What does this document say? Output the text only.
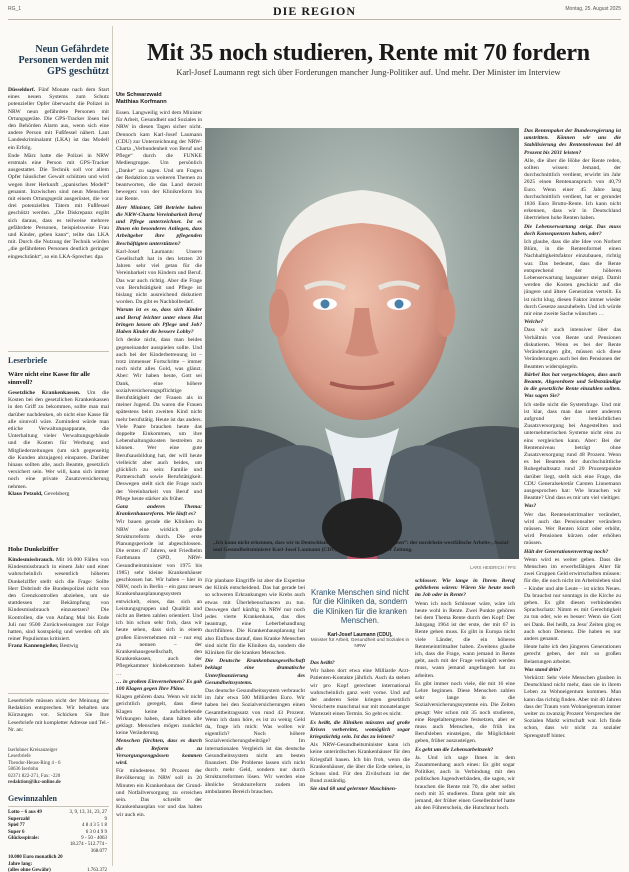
RG_1	DIE REGION	Montag, 25. August 2025
Neun Gefährdete Personen werden mit GPS geschützt

Düsseldorf. Fünf Monate nach dem Start eines neuen Systems zum Schutz potenzieller Opfer überwacht die Polizei in NRW neun gefährdete Personen mit Ortungsgeräte. Die GPS-Tracker lösen bei den Behörden Alarm aus, wenn sich eine andere Person mit Fußfessel nähert. Laut Landeskriminalamt (LKA) ist das Modell ein Erfolg.

Ende März hatte die Polizei in NRW erstmals eine Person mit GPS-Tracker ausgestattet. Die Technik soll vor allem Opfer häuslicher Gewalt schützen und wird wegen ihrer Herkunft „spanisches Modell“ genannt. Inzwischen sind neun Menschen mit einem Ortungsgerät ausgerüstet, die vor drei potenziellen Tätern mit Fußfessel geschützt werden. „Die Diskrepanz ergibt sich daraus, dass es teilweise mehrere gefährdete Personen, beispielsweise Frau und Kinder, geben kann“, teilte das LKA mit. Durch die Nutzung der Technik würden „die gefährdeten Personen deutlich geringer eingeschränkt“, so ein LKA-Sprecher. dpa

Leserbriefe
Wäre nicht eine Kasse für alle sinnvoll?
Gesetzliche Krankenkassen. Um die Kosten bei den gesetzlichen Krankenkassen in den Griff zu bekommen, sollte man mal darüber nachdenken, ob nicht eine Kasse für alle sinnvoll wäre. Zumindest würde man etliche Verwaltungsapparate, die Unterhaltung vieler Verwaltungsgebäude und die Kosten für Werbung und Mitgliederzeitungen (um sich gegenseitig die Kunden abzujagen) einsparen. Darüber hinaus sollten alle, auch Beamte, gesetzlich versichert sein. Wer will, kann sich immer noch eine private Zusatzversicherung nehmen.
Klaus Petzold, Gevelsberg
Hohe Dunkelziffer
Kindesmissbrauch. Mit 16.000 Fällen von Kindesmissbrauch in einem Jahr und einer wahrscheinlich wesentlich höheren Dunkelziffer stellt sich die Frage: Sollte Herr Dobrindt die Bundespolizei nicht von den Grenzkontrollen abziehen, um sie stattdessen zur Bekämpfung von Kindesmissbrauch einzusetzen? Die Kontrollen, die von Anfang Mai bis Ende Juli nur 9500 Zurückweisungen zur Folge hatten, sind kostspielig und werden oft als reiner Populismus kritisiert.
Franz Kanneng​ießer, Bestwig
Leserbriefe müssen nicht der Meinung der Redaktion entsprechen. Wir behalten uns Kürzungen vor. Schicken Sie Ihre Leserbriefe mit kompletter Adresse und Tel.-Nr. an:
Iserlohner Kreisanzeiger
Leserbriefe
Theodor-Heuss-Ring 4 - 6
58636 Iserlohn
02371 822-271, Fax: -220
redaktion@ikz-online.de
Gewinnzahlen
Lotto – 6 aus 49	3, 9, 13, 31, 23, 27
Superzahl	9
Spiel 77	4 8 4 3 5 1 8
Super 6	6 3 0 4 9 9
Glücksspirale:	9 - 50 - 4063
	18.274 - 512.774 - 368.077
10.000 Euro monatlich 20 Jahre lang:	
(alles ohne Gewähr)	1.763.372
Mit 35 noch studieren, Rente mit 70 fordern
Karl-Josef Laumann regt sich über Forderungen mancher Jung-Politiker auf. Und mehr. Der Minister im Interview
Ute Schwarzwald
Matthias Korfmann

Essen. Langweilig wird dem Minister für Arbeit, Gesundheit und Soziales in NRW in diesen Tagen sicher nicht. Dennoch kam Karl-Josef Laumann (CDU) zur Unterzeichnung der NRW-Charta „Verbundenheit von Beruf und Pflege“ durch die FUNKE Mediengruppe. Um persönlich „Danke“ zu sagen. Und um Fragen der Redaktion zu weiteren Themen zu beantworten, die das Land derzeit bewegen: von der Klinikreform bis zur Rente.

Herr Minister, 580 Betriebe haben die NRW-Charta Vereinbarkeit Beruf und Pflege unterzeichnet. Ist es Ihnen ein besonderes Anliegen, dass Arbeitgeber ihre pflegenden Beschäftigten unterstützen?

Karl-Josef Laumann: Unsere Gesellschaft hat in den letzten 20 Jahren sehr viel getan für die Vereinbarkeit von Kindern und Beruf. Das war auch richtig. Aber die Frage von Berufstätigkeit und Pflege ist bislang nicht ausreichend diskutiert worden. Da gibt es Nachholbedarf.

Warum ist es so, dass sich Kinder und Beruf leichter unter einen Hut bringen lassen als Pflege und Job? Haben Kinder die bessere Lobby?

Ich denke nicht, dass man beides gegeneinander ausspielen sollte. Und auch bei der Kinderbetreuung ist – trotz immenser Fortschritte – immer noch nicht alles Gold, was glänzt. Aber: Wir haben heute, Gott sei Dank, eine höhere sozialversicherungspflichtige Berufstätigkeit der Frauen als in meiner Jugend. Da waren die Frauen spätestens beim zweiten Kind nicht mehr berufstätig. Heute ist das anders. Viele Paare brauchen heute das doppelte Einkommen, um ihre Lebenshaltungskosten bestreiten zu können. Wer eine gute Berufsausbildung hat, der will heute vielleicht aber auch beides, um glücklich zu sein: Familie und Partnerschaft sowie Berufstätigkeit. Deswegen stellt sich die Frage nach der Vereinbarkeit von Beruf und Pflege heute stärker als früher.

Ganz anderes Thema: Krankenhausreform. Wie läuft es?

Wir bauen gerade die Kliniken in NRW eine wirklich große Strukturreform durch. Die erste Planungsperiode ist abgeschlossen. Die ersten 47 Jahren, seit Friedhelm Farthmann (SPD, NRW-Gesundheitsminister von 1975 bis 1985) sehr kleine Krankenhäuser geschlossen hat. Wir haben – hier in NRW, noch in Berlin – ein ganz neues Krankenhausplanungssystem entwickelt, eines, das sich an Leistungsgruppen und Qualität und nicht an Betten zahlen orientiert. Und ich bin schon sehr froh, dass wir heute sehen, dass sich in einem großen Einvernehmen mit – nur eng zu nennen – der Krankenhausgesellschaft, den Krankenkassen, auch der Pflegekammer hinbekommen haben …

… in großem Einvernehmen? Es gab 100 Klagen gegen Ihre Pläne.

Klagen gehören dazu. Wenn wir nicht gerichtlich geregelt, dass diese Klagen keine aufschiebende Wirkungen haben, dann hätten alle geklagt. Menschen mögen zunächst keine Veränderung.

Menschen fürchten, dass es durch die Reform zu Versorgungsengpässen kommen wird.

Für mindestens 90 Prozent der Bevölkerung in NRW soll in 20 Minuten ein Krankenhaus der Grund- und Notfallversorgung zu erreichen sein. Das schreibt der Krankenhausplan vor und das halten wir auch ein.

„Ich kann nicht erkennen, dass wir in Deutschland übertrieben hohe Renten haben“: der nordrhein-westfälische Arbeits-, Sozial- und Gesundheitsminister Karl-Josef Laumann (CDU) im Interview mit dieser Zeitung.
LARS HEIDRICH / FFS

Für planbare Eingriffe ist aber die Expertise der Klinik entscheidend. Das hat gerade bei so schweren Erkrankungen wie Krebs auch etwas mit Überlebenschancen zu tun. Deswegen darf künftig in NRW nur noch jedes vierte Krankenhaus, das dies beantragt, eine Leberbehandlung durchführen. Die Krankenhausplanung hat also Einfluss darauf, dass Kranke Menschen sind nicht für die Kliniken da, sondern die Kliniken für die kranken Menschen.

Die Deutsche Krankenhausgesellschaft beklagt eine dramatische Unterfinanzierung des Gesundheitssystems.

Das deutsche Gesundheitssystem verbraucht im Jahr etwa 500 Milliarden Euro. Wir haben bei den Sozialversicherungen einen Gesamtbeitragssatz von rund 43 Prozent. Wenn ich dann höre, es ist zu wenig Geld da, frage ich mich: Was wollen wir eigentlich? Noch höhere Sozialversicherungsbeiträge? Im internationalen Vergleich ist das deutsche Gesundheitssystem nicht am besten finanziert. Die Probleme lassen sich nicht durch mehr Geld, sondern nur durch Strukturreformen lösen. Wir werden eine ähnliche Strukturreform zudem im ambulanten Bereich brauchen.

Kranke Menschen sind nicht für die Kliniken da, sondern die Kliniken für die kranken Menschen.
Karl-Josef Laumann (CDU),
Minister für Arbeit, Gesundheit und Soziales in NRW

Das heißt?

Wir haben dort etwa eine Milliarde Arzt-Patienten-Kontakte jährlich. Auch da stehen wir pro Kopf gerechnet international wahrscheinlich ganz weit vorne. Und auf der anderen Seite kriegen gesetzlich Versicherte manchmal nur mit monatelanger Wartezeit einen Termin. So geht es nicht.

Es heißt, die Kliniken müssten auf große Krisen vorbereitet, womöglich sogar kriegstüchtig sein. Ist das zu leisten?

Als NRW-Gesundheitsminister kann ich keine unterirdischen Krankenhäuser für den Kriegsfall bauen. Ich bin froh, wenn die Krankenhäuser, die über die Erde stehen, in Schuss sind. Für den Zivilschutz ist der Bund zuständig.

Sie sind 68 und gelernter Maschinen-

schlosser. Wie lange in Ihrem Beruf gebliebens wären: Wären Sie heute noch im Job oder in Rente?

Wenn ich noch Schlosser wäre, wäre ich heute wohl in Rente. Zwei Punkte gehören bei dem Thema Rente durch den Kopf: Der Jahrgang 1964 ist der erste, der mit 67 in Rente gehen muss. Es gibt in Europa nicht viele Länder, die ein höheres Renteneintrittsalter haben. Zweitens glaube ich, dass die Frage, wann jemand in Rente geht, auch mit der Frage verknüpft werden muss, wann jemand angefangen hat zu arbeiten.

Es gibt immer noch viele, die mit 16 eine Lehre beginnen. Diese Menschen zahlen sehr lange in die Sozialversicherungssysteme ein. Die Zeiten gesagt: Wer schon mit 35 noch studieren, eine Regelaltersgrenze festsetzen, aber er muss auch Menschen, die früh ins Berufsleben einsteigen, die Möglichkeit geben, früher auszusteigen.

Es geht um die Lebensarbeitszeit?

Ja. Und ich sage Ihnen in dem Zusammenhang auch eines: Es gibt sogar Politiker, auch in Verbindung mit den politischen Jugendverbänden, die sagen, wir brauchen die Rente mit 70, die aber selbst noch mit 35 studieren. Dann geht mir als jemand, der früher einen Gesellenbrief hatte als den Führerschein, die Hutschnur hoch.

Das Rentenpaket der Bundesregierung ist umstritten. Können wir uns die Stabilisierung des Rentenniveaus bei 48 Prozent bis 2031 leisten?

Alle, die über die Höhe der Rente reden, sollten wissen: Jemand, der durchschnittlich verdient, erwirbt im Jahr 2025 einen Rentenanspruch von 40,79 Euro. Wenn einer 45 Jahre lang durchschnittlich verdient, hat er gerundet 1836 Euro Brutto-Rente. Ich kann nicht erkennen, dass wir in Deutschland übertrieben hohe Renten haben.

Die Lebenserwartung steigt. Das muss doch Konsequenzen haben, oder?

Ich glaube, dass die alte Idee von Norbert Blüm, in die Rentenformel einen Nachhaltigkeitsfaktor einzubauen, richtig war. Das bedeutet, dass die Rente entsprechend der höheren Lebenserwartung langsamer steigt. Damit werden die Kosten geschickt auf die jüngere und ältere Generation verteilt. Es ist nicht klug, diesen Faktor immer wieder durch Gesetze auszuhebeln. Und ich würde mir eine zweite Sache wünschen …

Welche?

Dass wir auch intensiver über das Verhältnis von Rente und Pensionen diskutieren. Wenn es bei der Rente Veränderungen gibt, müssen sich diese Veränderungen auch bei den Pensionen der Beamten widerspiegeln.

Bärbel Bas hat vorgeschlagen, dass auch Beamte, Abgeordnete und Selbstständige in die gesetzliche Rente einzahlen sollten. Was sagen Sie?

Ich stelle nicht die Systemfrage. Und mir ist klar, dass man das unter anderem aufgrund der beträchtlichen Zusatzversorgung bei Angestellten und unternehmerischen Systeme nicht eins zu eins vergleichen kann. Aber: Bei der Rentenniveau beträgt ohne Zusatzversorgung rund 48 Prozent. Wenn es bei Beamten der durchschnittliche Ruhegehaltssatz rund 20 Prozentpunkte darüber liegt, stellt sich eine Frage, die CDU Generalsekretär Carsten Linnemann ausgesprochen hat: Wie brauchen wir Beamte? Und dass es mir um viel vieltiger.

Was?

Wer das Renteneintrittsalter verändert, wird auch das Pensionsalter verändern müssen. Wer Renten kürzt oder erhöht, wird Pensionen kürzen oder erhöhen müssen.

Hält der Generationenvertrag noch?

Wenn wird es weiter geben. Dass die Menschen im erwerbsfähigen Alter für zwei Gruppen Geld erwirtschaften müssen: für die, die noch nicht im Arbeitsleben sind – Kinder und alte Leute – ist nichts Neues. Da brauchst nur sonntags in die Kirche zu gehen. Es gibt diesen verbindenden Sprachschatz: Nimm es mit Gerechtigkeit zu tun oder, wie es besser: Wenn sie Gott sei Dank. Bei heißt, zu Jesu' Zeiten ging es auch schon Demenz. Die haben es nur anders genannt.

Heute halte ich den jüngeren Generationen gerecht geben, der mit so großen Belastungen arbeitet.

Was stand drin?

Verkürzt: Sehr viele Menschen glauben in Deutschland nicht mehr, dass sie in ihrem Leben zu Wohneigentum kommen. Man kann das richtig finden. Aber mit 40 Jahren dass der Traum vom Wohneigentum immer weiter zu zwanzig Prozent Versprechen der Sozialen Markt wirtschaft war. Ich finde schon, dass wir nicht zu sozialer Sprengstoff hinter.
